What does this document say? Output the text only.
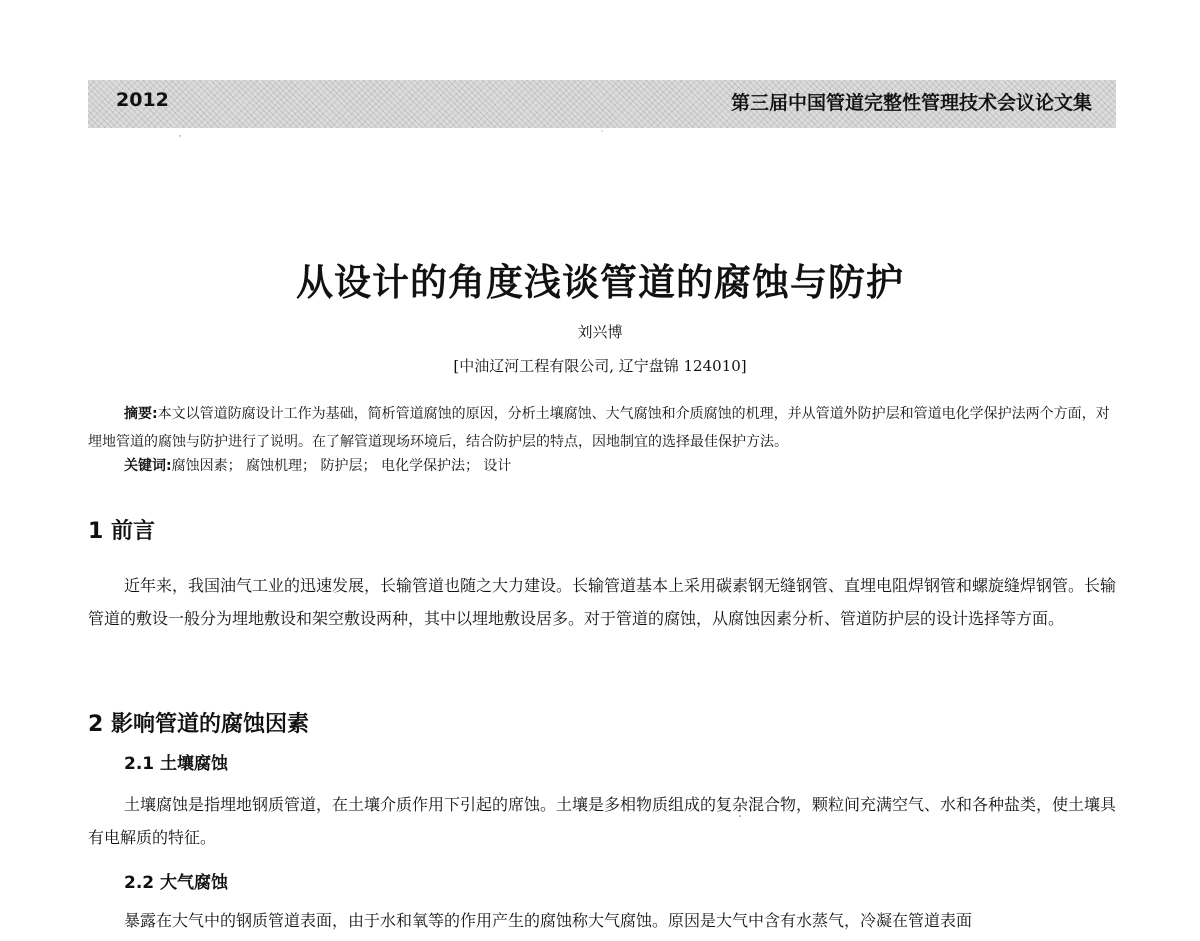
2012	第三届中国管道完整性管理技术会议论文集
从设计的角度浅谈管道的腐蚀与防护
刘兴博
[中油辽河工程有限公司, 辽宁盘锦 124010]
摘要:本文以管道防腐设计工作为基础，简析管道腐蚀的原因，分析土壤腐蚀、大气腐蚀和介质腐蚀的机理，并从管道外防护层和管道电化学保护法两个方面，对埋地管道的腐蚀与防护进行了说明。在了解管道现场环境后，结合防护层的特点，因地制宜的选择最佳保护方法。
关键词:腐蚀因素； 腐蚀机理； 防护层； 电化学保护法； 设计
1 前言
近年来，我国油气工业的迅速发展，长输管道也随之大力建设。长输管道基本上采用碳素钢无缝钢管、直埋电阻焊钢管和螺旋缝焊钢管。长输管道的敷设一般分为埋地敷设和架空敷设两种，其中以埋地敷设居多。对于管道的腐蚀，从腐蚀因素分析、管道防护层的设计选择等方面。
2 影响管道的腐蚀因素
2.1 土壤腐蚀
土壤腐蚀是指埋地钢质管道，在土壤介质作用下引起的席蚀。土壤是多相物质组成的复杂混合物，颗粒间充满空气、水和各种盐类，使土壤具有电解质的特征。
2.2 大气腐蚀
暴露在大气中的钢质管道表面，由于水和氧等的作用产生的腐蚀称大气腐蚀。原因是大气中含有水蒸气，冷凝在管道表面
